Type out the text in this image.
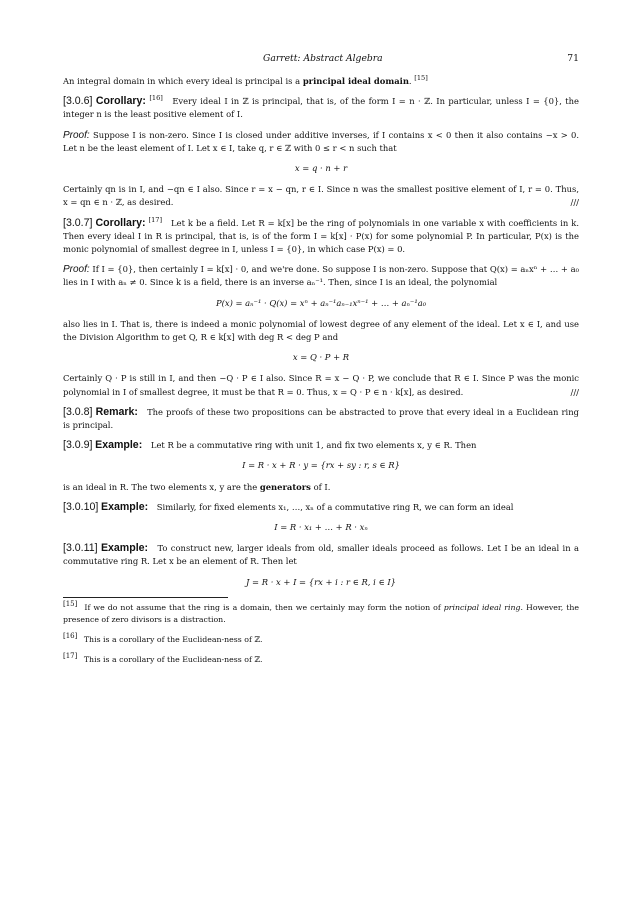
Garrett: Abstract Algebra	71

An integral domain in which every ideal is principal is a principal ideal domain. [15]

[3.0.6] Corollary: [16] Every ideal I in ℤ is principal, that is, of the form I = n · ℤ. In particular, unless I = {0}, the integer n is the least positive element of I.

Proof: Suppose I is non-zero. Since I is closed under additive inverses, if I contains x < 0 then it also contains −x > 0. Let n be the least element of I. Let x ∈ I, take q, r ∈ ℤ with 0 ≤ r < n such that

x = q · n + r

Certainly qn is in I, and −qn ∈ I also. Since r = x − qn, r ∈ I. Since n was the smallest positive element of I, r = 0. Thus, x = qn ∈ n · ℤ, as desired.	///

[3.0.7] Corollary: [17] Let k be a field. Let R = k[x] be the ring of polynomials in one variable x with coefficients in k. Then every ideal I in R is principal, that is, is of the form I = k[x] · P(x) for some polynomial P. In particular, P(x) is the monic polynomial of smallest degree in I, unless I = {0}, in which case P(x) = 0.

Proof: If I = {0}, then certainly I = k[x] · 0, and we're done. So suppose I is non-zero. Suppose that Q(x) = aₙxⁿ + … + a₀ lies in I with aₙ ≠ 0. Since k is a field, there is an inverse aₙ⁻¹. Then, since I is an ideal, the polynomial

P(x) = aₙ⁻¹ · Q(x) = xⁿ + aₙ⁻¹aₙ₋₁xⁿ⁻¹ + … + aₙ⁻¹a₀

also lies in I. That is, there is indeed a monic polynomial of lowest degree of any element of the ideal. Let x ∈ I, and use the Division Algorithm to get Q, R ∈ k[x] with deg R < deg P and

x = Q · P + R

Certainly Q · P is still in I, and then −Q · P ∈ I also. Since R = x − Q · P, we conclude that R ∈ I. Since P was the monic polynomial in I of smallest degree, it must be that R = 0. Thus, x = Q · P ∈ n · k[x], as desired.	///

[3.0.8] Remark: The proofs of these two propositions can be abstracted to prove that every ideal in a Euclidean ring is principal.

[3.0.9] Example: Let R be a commutative ring with unit 1, and fix two elements x, y ∈ R. Then

I = R · x + R · y = {rx + sy : r, s ∈ R}

is an ideal in R. The two elements x, y are the generators of I.

[3.0.10] Example: Similarly, for fixed elements x₁, …, xₙ of a commutative ring R, we can form an ideal

I = R · x₁ + … + R · xₙ

[3.0.11] Example: To construct new, larger ideals from old, smaller ideals proceed as follows. Let I be an ideal in a commutative ring R. Let x be an element of R. Then let

J = R · x + I = {rx + i : r ∈ R, i ∈ I}

[15] If we do not assume that the ring is a domain, then we certainly may form the notion of principal ideal ring. However, the presence of zero divisors is a distraction.

[16] This is a corollary of the Euclidean-ness of ℤ.

[17] This is a corollary of the Euclidean-ness of ℤ.
